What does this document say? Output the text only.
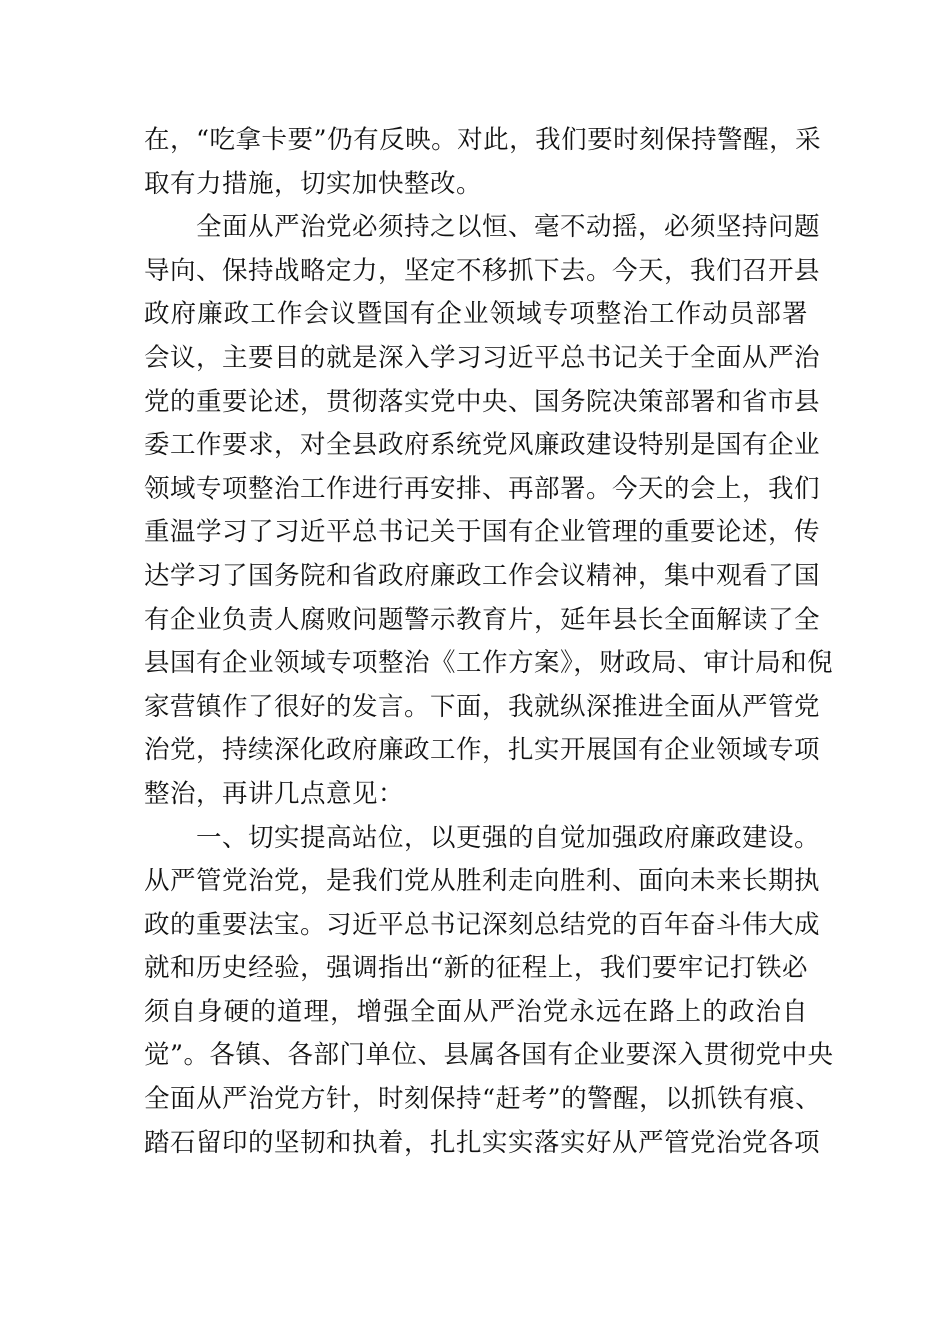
在，“吃拿卡要”仍有反映。对此，我们要时刻保持警醒，采
取有力措施，切实加快整改。
全面从严治党必须持之以恒、毫不动摇，必须坚持问题
导向、保持战略定力，坚定不移抓下去。今天，我们召开县
政府廉政工作会议暨国有企业领域专项整治工作动员部署
会议，主要目的就是深入学习习近平总书记关于全面从严治
党的重要论述，贯彻落实党中央、国务院决策部署和省市县
委工作要求，对全县政府系统党风廉政建设特别是国有企业
领域专项整治工作进行再安排、再部署。今天的会上，我们
重温学习了习近平总书记关于国有企业管理的重要论述，传
达学习了国务院和省政府廉政工作会议精神，集中观看了国
有企业负责人腐败问题警示教育片，延年县长全面解读了全
县国有企业领域专项整治《工作方案》，财政局、审计局和倪
家营镇作了很好的发言。下面，我就纵深推进全面从严管党
治党，持续深化政府廉政工作，扎实开展国有企业领域专项
整治，再讲几点意见：
一、切实提高站位，以更强的自觉加强政府廉政建设。
从严管党治党，是我们党从胜利走向胜利、面向未来长期执
政的重要法宝。习近平总书记深刻总结党的百年奋斗伟大成
就和历史经验，强调指出“新的征程上，我们要牢记打铁必
须自身硬的道理，增强全面从严治党永远在路上的政治自
觉”。各镇、各部门单位、县属各国有企业要深入贯彻党中央
全面从严治党方针，时刻保持“赶考”的警醒，以抓铁有痕、
踏石留印的坚韧和执着，扎扎实实落实好从严管党治党各项
